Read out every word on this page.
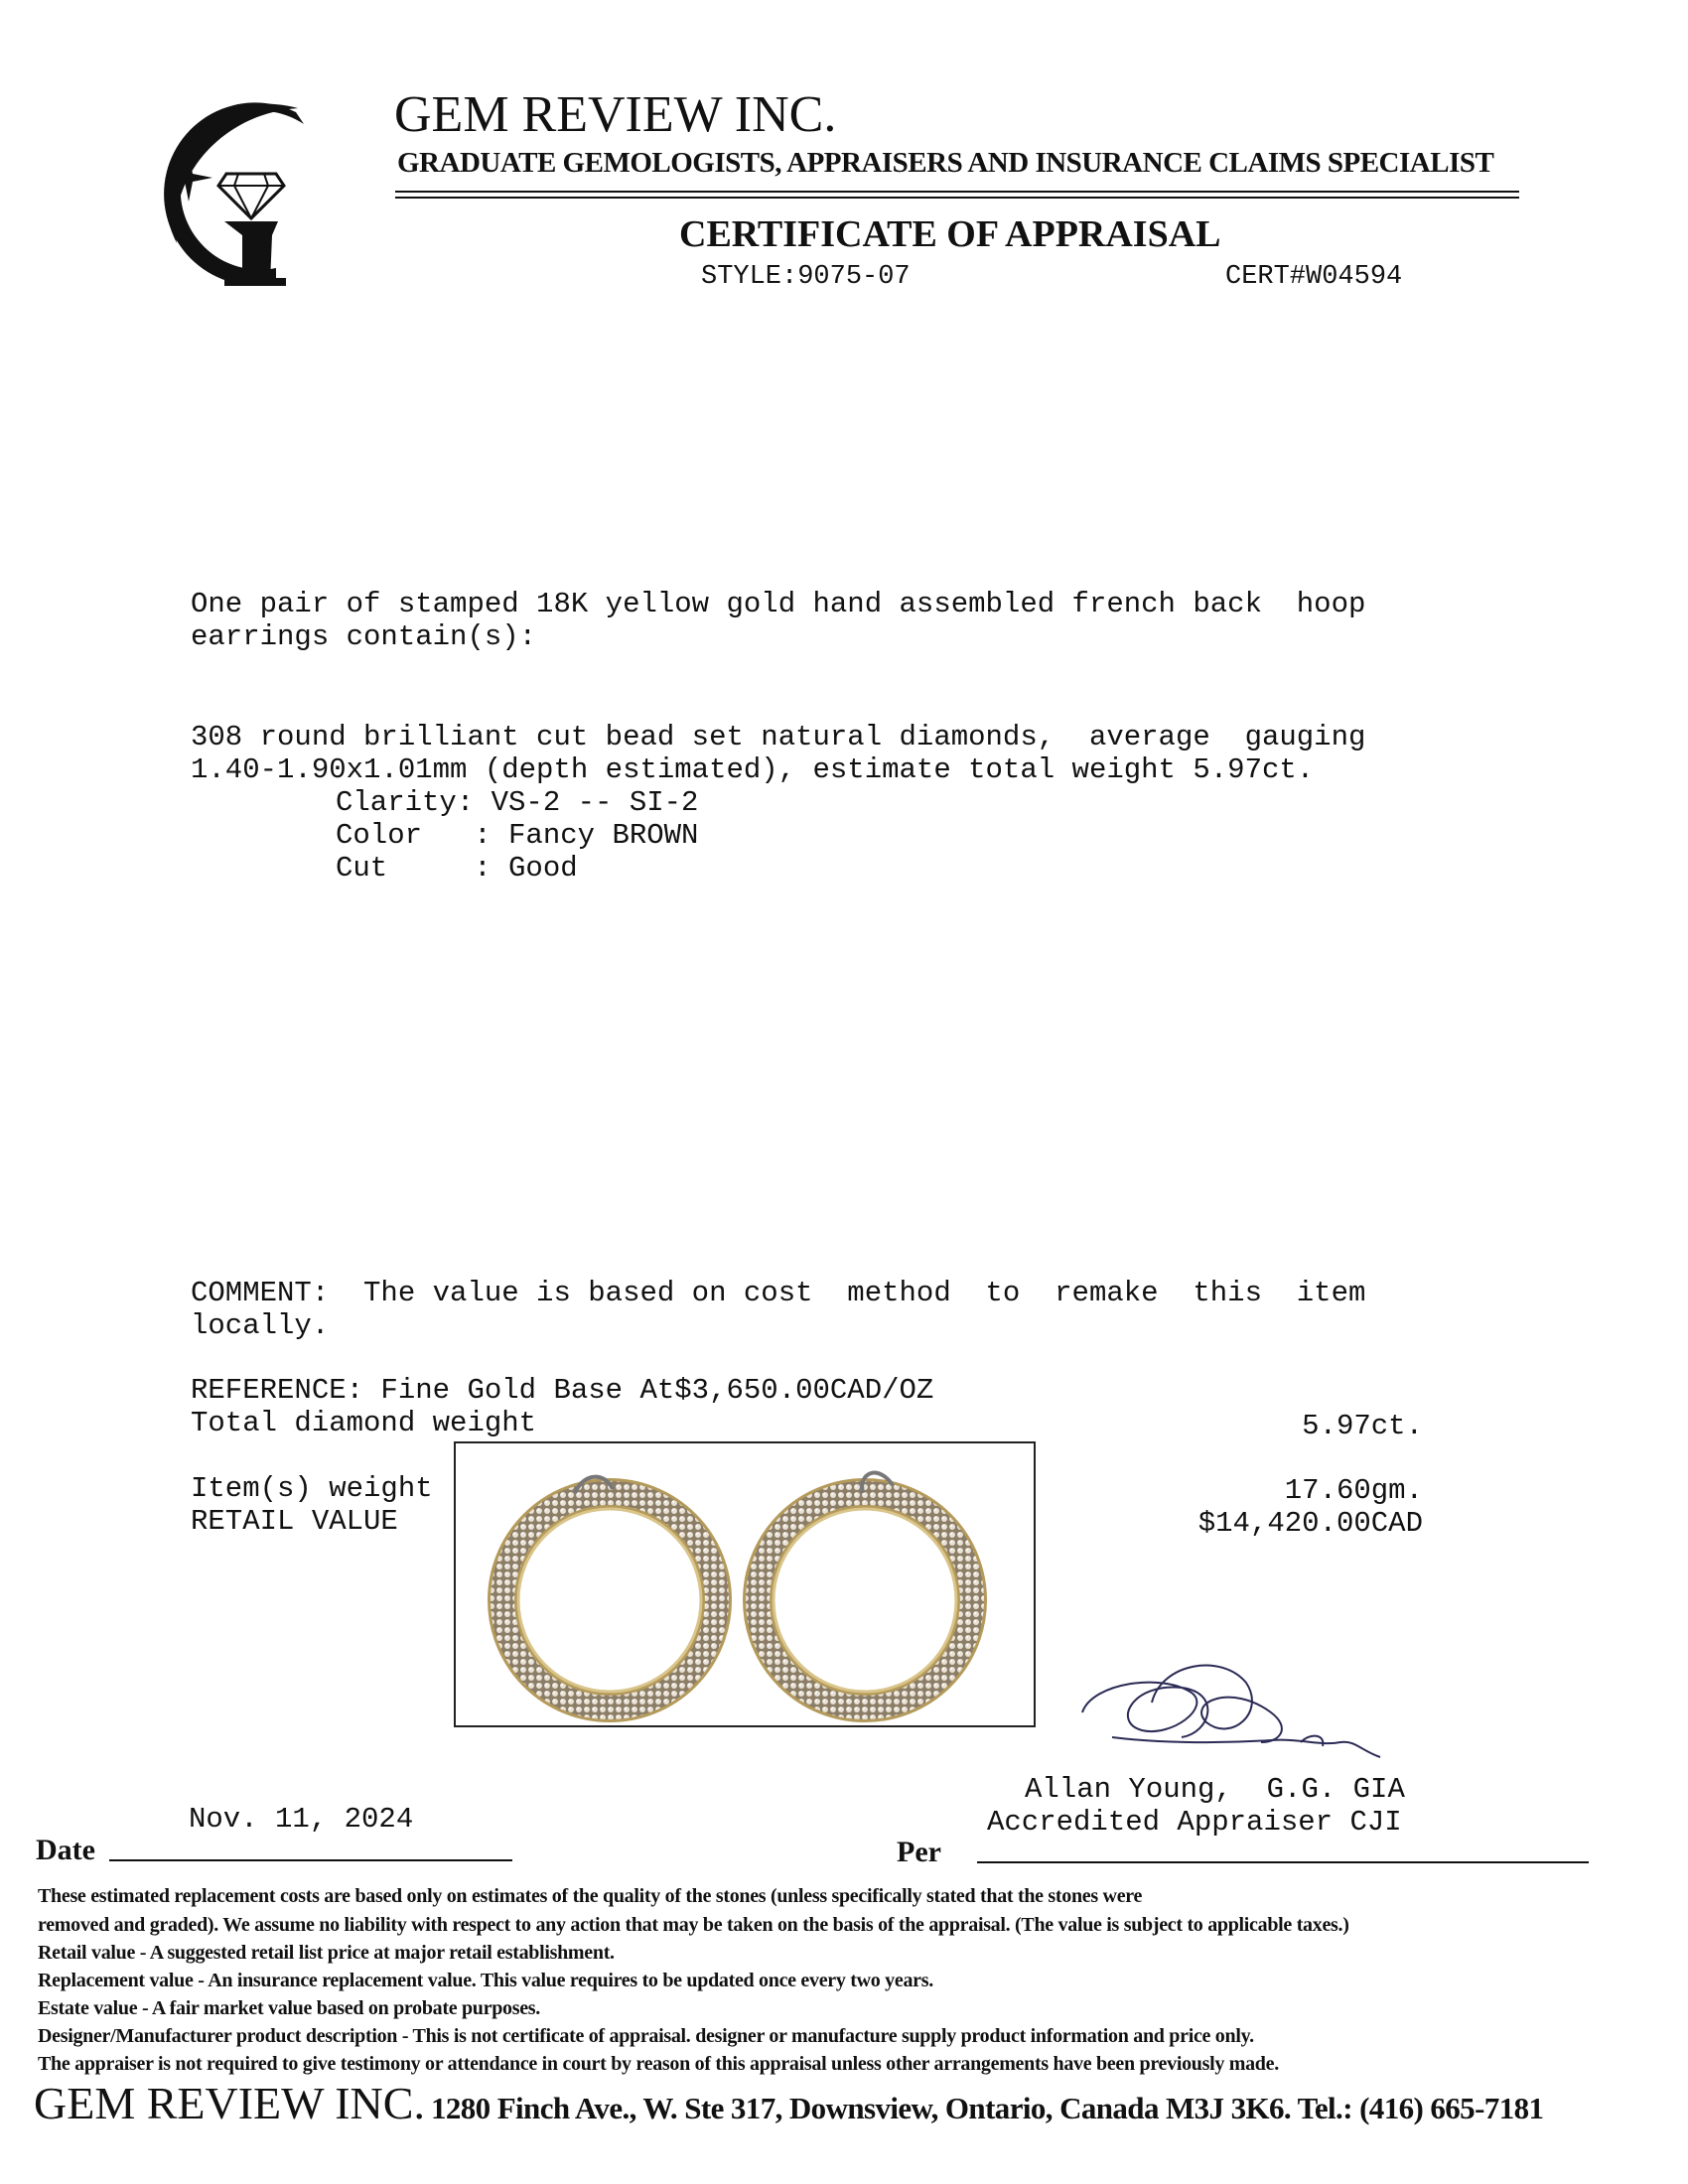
GEM REVIEW INC.
GRADUATE GEMOLOGISTS, APPRAISERS AND INSURANCE CLAIMS SPECIALIST
CERTIFICATE OF APPRAISAL
STYLE:9075-07	CERT#W04594
One pair of stamped 18K yellow gold hand assembled french back  hoop
earrings contain(s):
308 round brilliant cut bead set natural diamonds,  average  gauging
1.40-1.90x1.01mm (depth estimated), estimate total weight 5.97ct.
Clarity: VS-2 -- SI-2
Color   : Fancy BROWN
Cut     : Good
COMMENT:  The value is based on cost  method  to  remake  this  item
locally.
REFERENCE: Fine Gold Base At$3,650.00CAD/OZ
Total diamond weight	5.97ct.
Item(s) weight	17.60gm.
RETAIL VALUE	$14,420.00CAD
Allan Young,  G.G. GIA
Accredited Appraiser CJI
Nov. 11, 2024
Date	Per
These estimated replacement costs are based only on estimates of the quality of the stones (unless specifically stated that the stones were
removed and graded). We assume no liability with respect to any action that may be taken on the basis of the appraisal. (The value is subject to applicable taxes.)
Retail value - A suggested retail list price at major retail establishment.
Replacement value - An insurance replacement value. This value requires to be updated once every two years.
Estate value - A fair market value based on probate purposes.
Designer/Manufacturer product description - This is not certificate of appraisal. designer or manufacture supply product information and price only.
The appraiser is not required to give testimony or attendance in court by reason of this appraisal unless other arrangements have been previously made.
GEM REVIEW INC. 1280 Finch Ave., W. Ste 317, Downsview, Ontario, Canada M3J 3K6. Tel.: (416) 665-7181
